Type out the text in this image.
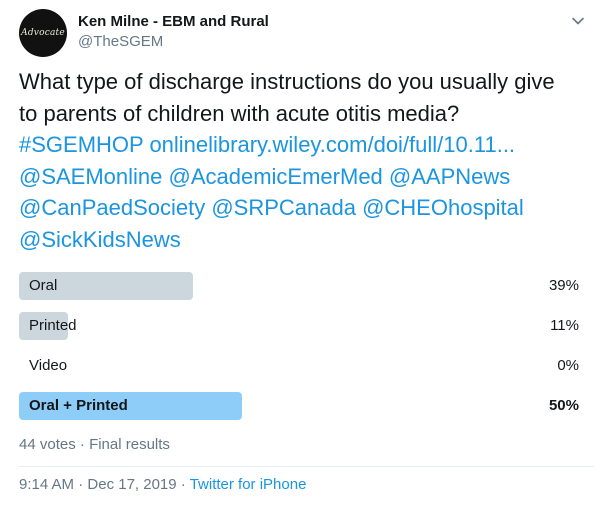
Advocate
Ken Milne - EBM and Rural
@TheSGEM
What type of discharge instructions do you usually give
to parents of children with acute otitis media?
#SGEMHOP onlinelibrary.wiley.com/doi/full/10.11...
@SAEMonline @AcademicEmerMed @AAPNews
@CanPaedSociety @SRPCanada @CHEOhospital
@SickKidsNews
Oral	39%
Printed	11%
Video	0%
Oral + Printed	50%
44 votes · Final results
9:14 AM · Dec 17, 2019 · Twitter for iPhone
